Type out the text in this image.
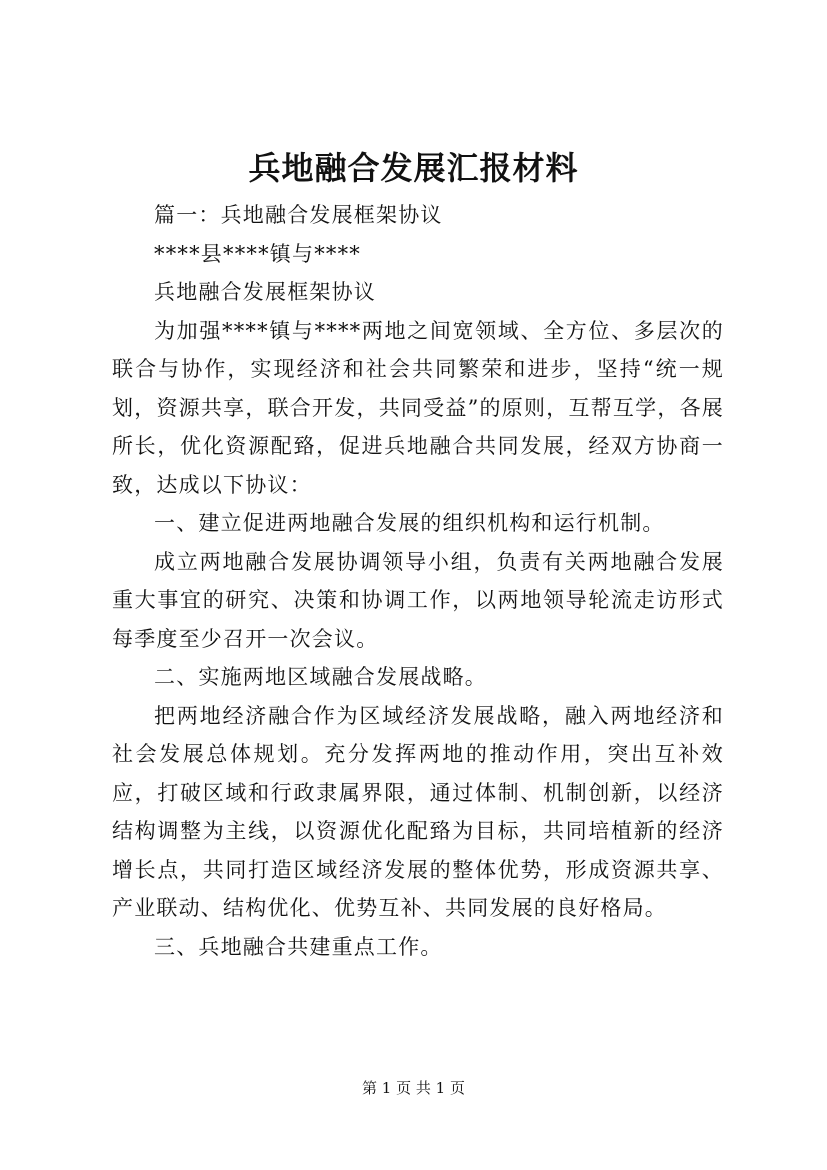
兵地融合发展汇报材料

篇一：兵地融合发展框架协议

****县****镇与****

兵地融合发展框架协议

为加强****镇与****两地之间宽领域、全方位、多层次的联合与协作，实现经济和社会共同繁荣和进步，坚持“统一规划，资源共享，联合开发，共同受益”的原则，互帮互学，各展所长，优化资源配臵，促进兵地融合共同发展，经双方协商一致，达成以下协议：

一、建立促进两地融合发展的组织机构和运行机制。

成立两地融合发展协调领导小组，负责有关两地融合发展重大事宜的研究、决策和协调工作，以两地领导轮流走访形式每季度至少召开一次会议。

二、实施两地区域融合发展战略。

把两地经济融合作为区域经济发展战略，融入两地经济和社会发展总体规划。充分发挥两地的推动作用，突出互补效应，打破区域和行政隶属界限，通过体制、机制创新，以经济结构调整为主线，以资源优化配臵为目标，共同培植新的经济增长点，共同打造区域经济发展的整体优势，形成资源共享、产业联动、结构优化、优势互补、共同发展的良好格局。

三、兵地融合共建重点工作。

第 1 页 共 1 页
